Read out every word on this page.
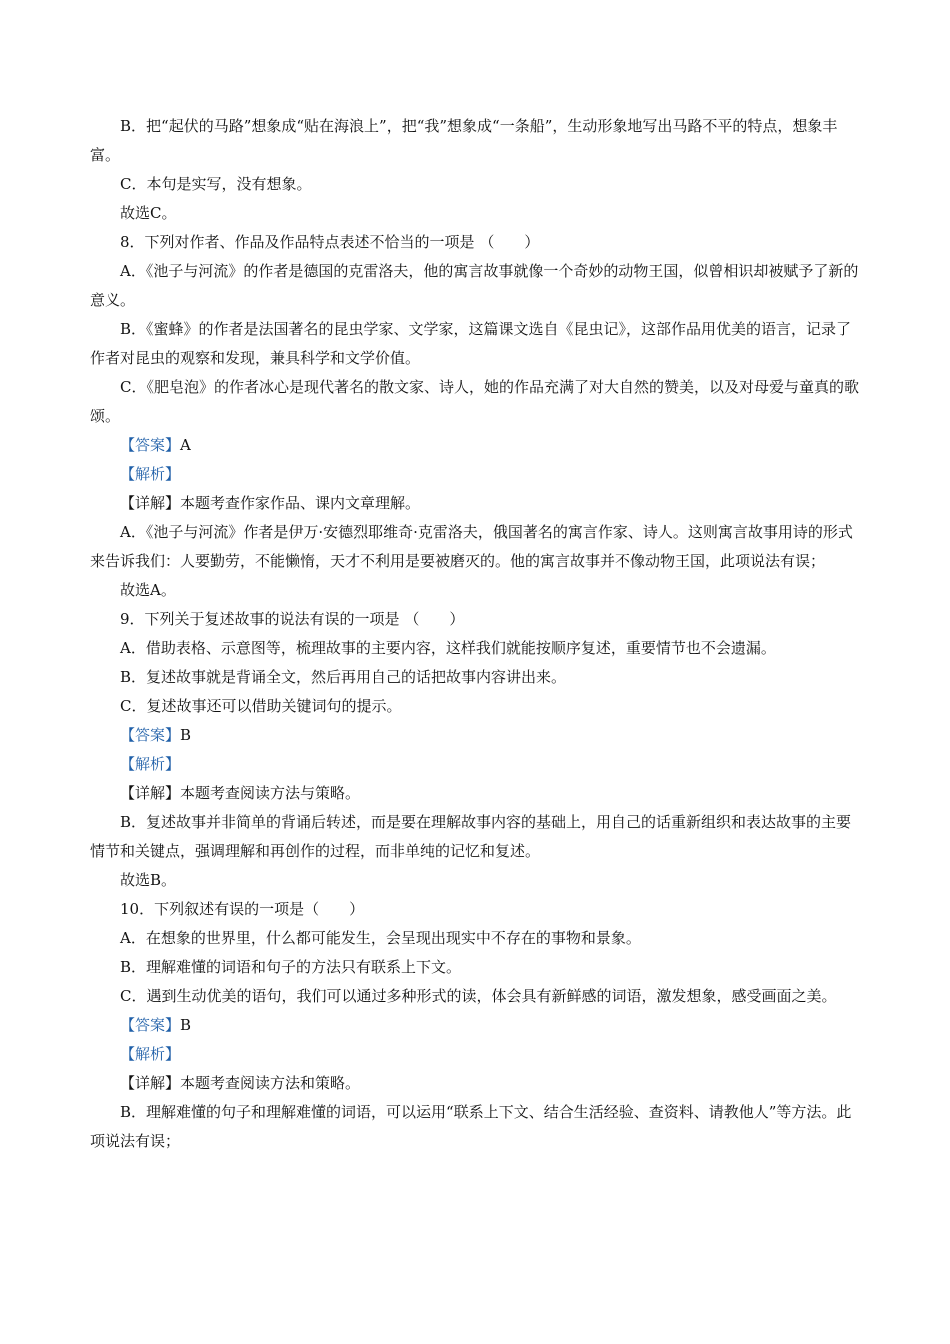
B．把“起伏的马路”想象成“贴在海浪上”，把“我”想象成“一条船”，生动形象地写出马路不平的特点，想象丰富。

C．本句是实写，没有想象。

故选C。

8．下列对作者、作品及作品特点表述不恰当的一项是 （　　）

A．《池子与河流》的作者是德国的克雷洛夫，他的寓言故事就像一个奇妙的动物王国，似曾相识却被赋予了新的意义。

B．《蜜蜂》的作者是法国著名的昆虫学家、文学家，这篇课文选自《昆虫记》，这部作品用优美的语言，记录了作者对昆虫的观察和发现，兼具科学和文学价值。

C．《肥皂泡》的作者冰心是现代著名的散文家、诗人，她的作品充满了对大自然的赞美，以及对母爱与童真的歌颂。

【答案】A

【解析】

【详解】本题考查作家作品、课内文章理解。

A．《池子与河流》作者是伊万·安德烈耶维奇·克雷洛夫，俄国著名的寓言作家、诗人。这则寓言故事用诗的形式来告诉我们：人要勤劳，不能懒惰，天才不利用是要被磨灭的。他的寓言故事并不像动物王国，此项说法有误；

故选A。

9．下列关于复述故事的说法有误的一项是 （　　）

A．借助表格、示意图等，梳理故事的主要内容，这样我们就能按顺序复述，重要情节也不会遗漏。

B．复述故事就是背诵全文，然后再用自己的话把故事内容讲出来。

C．复述故事还可以借助关键词句的提示。

【答案】B

【解析】

【详解】本题考查阅读方法与策略。

B．复述故事并非简单的背诵后转述，而是要在理解故事内容的基础上，用自己的话重新组织和表达故事的主要情节和关键点，强调理解和再创作的过程，而非单纯的记忆和复述。

故选B。

10．下列叙述有误的一项是（　　）

A．在想象的世界里，什么都可能发生，会呈现出现实中不存在的事物和景象。

B．理解难懂的词语和句子的方法只有联系上下文。

C．遇到生动优美的语句，我们可以通过多种形式的读，体会具有新鲜感的词语，激发想象，感受画面之美。

【答案】B

【解析】

【详解】本题考查阅读方法和策略。

B．理解难懂的句子和理解难懂的词语，可以运用“联系上下文、结合生活经验、查资料、请教他人”等方法。此项说法有误；
